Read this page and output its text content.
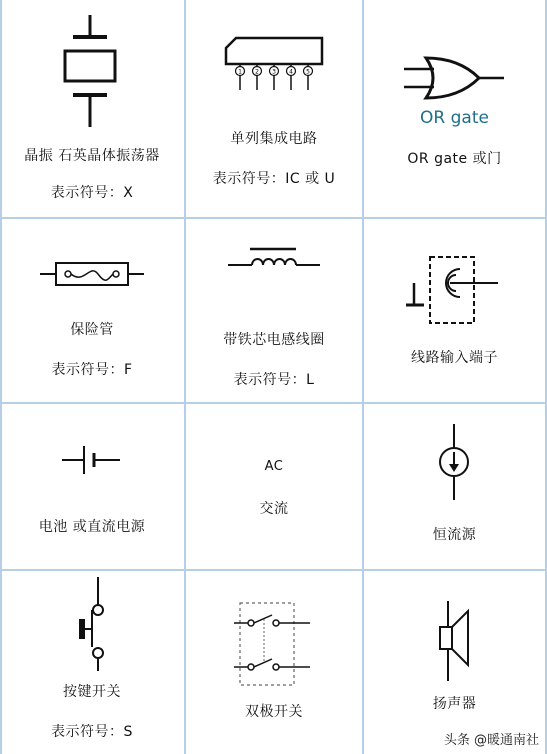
晶振 石英晶体振荡器
表示符号：X
1 2 3 4 5
单列集成电路
表示符号：IC 或 U
OR gate
OR gate 或门
保险管
表示符号：F
带铁芯电感线圈
表示符号：L
线路输入端子
电池 或直流电源
AC
交流
恒流源
按键开关
表示符号：S
双极开关	扬声器
头条 @暖通南社
